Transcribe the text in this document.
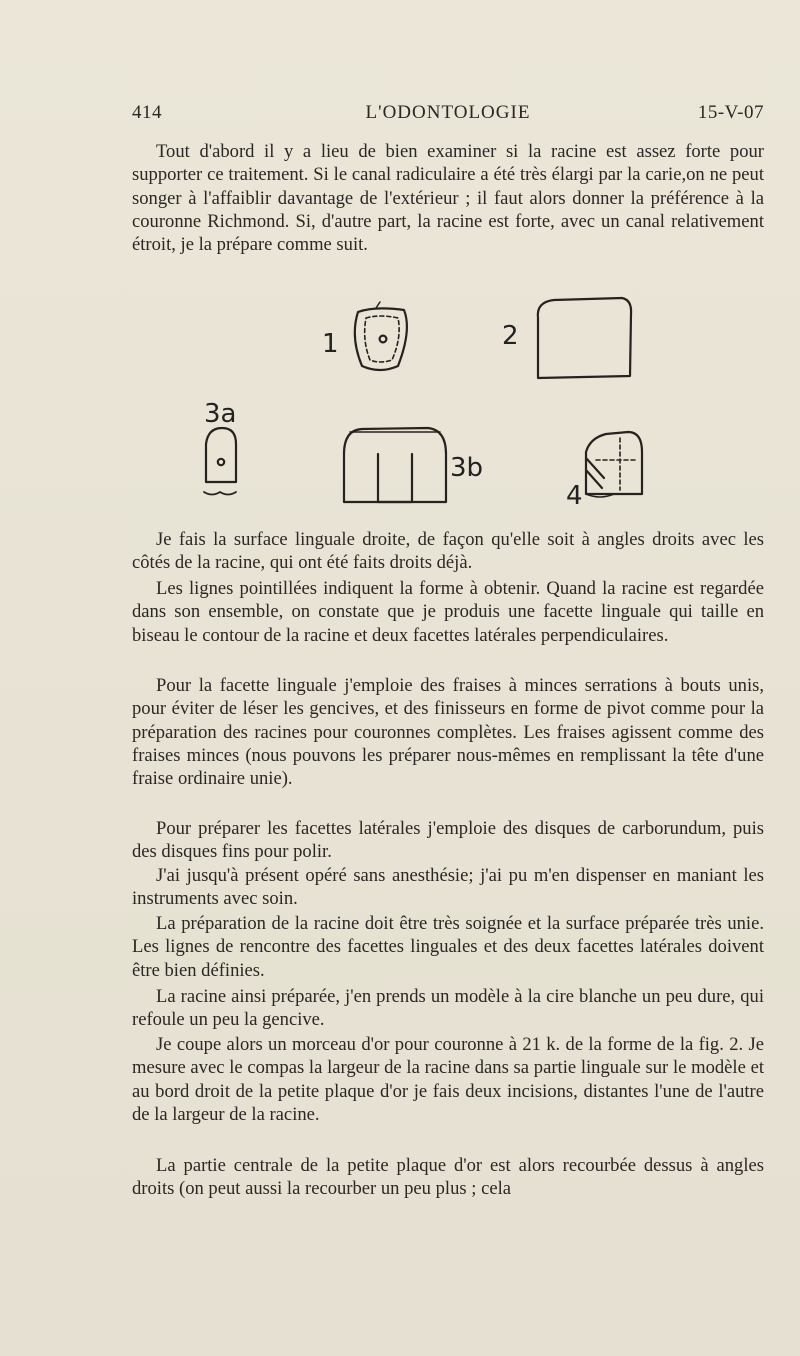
414	L'ODONTOLOGIE	15-V-07

Tout d'abord il y a lieu de bien examiner si la racine est assez forte pour supporter ce traitement. Si le canal radiculaire a été très élargi par la carie,on ne peut songer à l'affaiblir davantage de l'extérieur ; il faut alors donner la préférence à la couronne Richmond. Si, d'autre part, la racine est forte, avec un canal relativement étroit, je la prépare comme suit.

1	2
3a
3b
4

Je fais la surface linguale droite, de façon qu'elle soit à angles droits avec les côtés de la racine, qui ont été faits droits déjà.

Les lignes pointillées indiquent la forme à obtenir. Quand la racine est regardée dans son ensemble, on constate que je produis une facette linguale qui taille en biseau le contour de la racine et deux facettes latérales perpendiculaires.

Pour la facette linguale j'emploie des fraises à minces serrations à bouts unis, pour éviter de léser les gencives, et des finisseurs en forme de pivot comme pour la préparation des racines pour couronnes complètes. Les fraises agissent comme des fraises minces (nous pouvons les préparer nous-mêmes en remplissant la tête d'une fraise ordinaire unie).

Pour préparer les facettes latérales j'emploie des disques de carborundum, puis des disques fins pour polir.

J'ai jusqu'à présent opéré sans anesthésie; j'ai pu m'en dispenser en maniant les instruments avec soin.

La préparation de la racine doit être très soignée et la surface préparée très unie. Les lignes de rencontre des facettes linguales et des deux facettes latérales doivent être bien définies.

La racine ainsi préparée, j'en prends un modèle à la cire blanche un peu dure, qui refoule un peu la gencive.

Je coupe alors un morceau d'or pour couronne à 21 k. de la forme de la fig. 2. Je mesure avec le compas la largeur de la racine dans sa partie linguale sur le modèle et au bord droit de la petite plaque d'or je fais deux incisions, distantes l'une de l'autre de la largeur de la racine.

La partie centrale de la petite plaque d'or est alors recourbée dessus à angles droits (on peut aussi la recourber un peu plus ; cela
